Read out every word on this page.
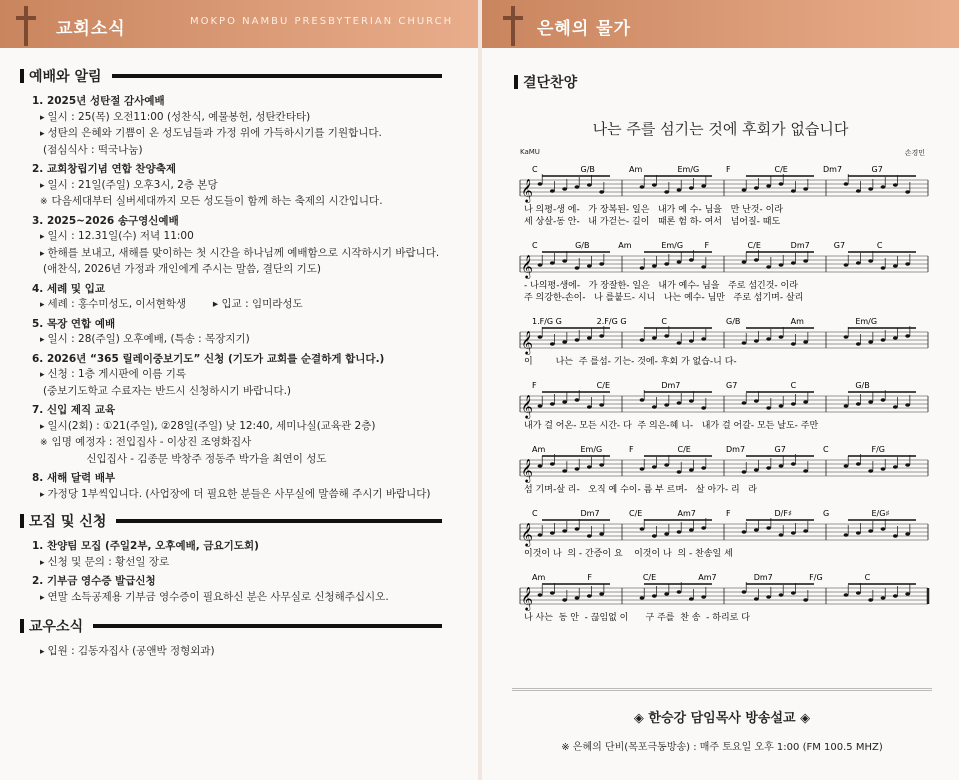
교회소식	MOKPO NAMBU PRESBYTERIAN CHURCH	은혜의 물가
예배와 알림
1. 2025년 성탄절 감사예배
▸ 일시 : 25(목) 오전11:00 (성찬식, 예물봉헌, 성탄칸타타)
▸ 성탄의 은혜와 기쁨이 온 성도님들과 가정 위에 가득하시기를 기원합니다.
(점심식사 : 떡국나눔)
2. 교회창립기념 연합 찬양축제
▸ 일시 : 21일(주일) 오후3시, 2층 본당
※ 다음세대부터 실버세대까지 모든 성도들이 함께 하는 축제의 시간입니다.
3. 2025~2026 송구영신예배
▸ 일시 : 12.31일(수) 저녁 11:00
▸ 한해를 보내고, 새해를 맞이하는 첫 시간을 하나님께 예배함으로 시작하시기 바랍니다.
(애찬식, 2026년 가정과 개인에게 주시는 말씀, 결단의 기도)
4. 세례 및 입교
▸ 세례 : 홍수미성도, 이서현학생        ▸ 입교 : 임미라성도
5. 목장 연합 예배
▸ 일시 : 28(주일) 오후예배, (특송 : 목장지기)
6. 2026년 “365 릴레이중보기도” 신청 (기도가 교회를 순결하게 합니다.)
▸ 신청 : 1층 게시판에 이름 기록
(중보기도학교 수료자는 반드시 신청하시기 바랍니다.)
7. 신입 제직 교육
▸ 일시(2회) : ①21(주일), ②28일(주일) 낮 12:40, 세미나실(교육관 2층)
※ 임명 예정자 : 전입집사 - 이상진 조영화집사
신입집사 - 김종문 박창주 정동주 박가을 최연이 성도
8. 새해 달력 배부
▸ 가정당 1부씩입니다. (사업장에 더 필요한 분들은 사무실에 말씀해 주시기 바랍니다)
모집 및 신청
1. 찬양팀 모집 (주일2부, 오후예배, 금요기도회)
▸ 신청 및 문의 : 황선일 장로
2. 기부금 영수증 발급신청
▸ 연말 소득공제용 기부금 영수증이 필요하신 분은 사무실로 신청해주십시오.
교우소식
▸ 입원 : 김동자집사 (공앤박 정형외과)
결단찬양
나는 주를 섬기는 것에 후회가 없습니다
KaMU	손경민
C	G/B	Am	Em/G	F	C/E	Dm7	G7
𝄞
나 의평-생 에-   가 장복된- 일은   내가 예 수- 님을   만 난것- 이라
세 상살-동 안-   내 가걷는- 길이   때론 험 하- 여서   넘어질- 때도
C	G/B	Am	Em/G	F	C/E	Dm7	G7	C
𝄞
- 나의평-생에-   가 장잘한- 일은   내가 예수- 님을   주로 섬긴것- 이라
주 의강한-손이-   나 를붙드- 시니   나는 예수- 님만   주로 섬기며- 살리
1.F/G G	2.F/G G	C	G/B	Am	Em/G
𝄞
이        나는  주 를섬- 기는- 것에- 후회 가 없습-니 다-
F	C/E	Dm7	G7	C	G/B
𝄞
내가 걸 어온- 모든 시간- 다  주 의은-혜 니-   내가 걸 어갈- 모든 날도- 주만
Am	Em/G	F	C/E	Dm7	G7	C	F/G
𝄞
섬 기며-살 리-   오직 예 수이- 름 부 르며-   살 아가- 리   라
C	Dm7	C/E	Am7	F	D/F♯	G	E/G♯
𝄞
이것이 나  의 - 간증이 요    이것이 나  의 - 찬송일 세
Am	F	C/E	Am7	Dm7	F/G	C
𝄞
나 사는  동 안  - 끊임없 이      구 주를  찬 송  - 하리로 다
◈ 한승강 담임목사 방송설교 ◈
※ 은혜의 단비(목포극동방송) : 매주 토요일 오후 1:00 (FM 100.5 MHZ)
